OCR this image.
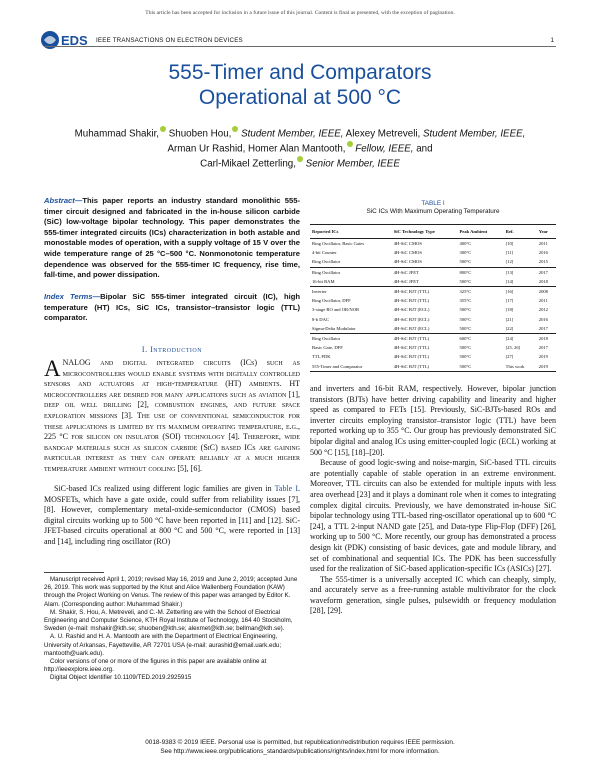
This article has been accepted for inclusion in a future issue of this journal. Content is final as presented, with the exception of pagination.
EDS IEEE TRANSACTIONS ON ELECTRON DEVICES	1
555-Timer and Comparators
Operational at 500 °C
Muhammad Shakir, Shuoben Hou, Student Member, IEEE, Alexey Metreveli, Student Member, IEEE,
Arman Ur Rashid, Homer Alan Mantooth, Fellow, IEEE, and
Carl-Mikael Zetterling, Senior Member, IEEE
Abstract—This paper reports an industry standard monolithic 555-timer circuit designed and fabricated in the in-house silicon carbide (SiC) low-voltage bipolar technology. This paper demonstrates the 555-timer integrated circuits (ICs) characterization in both astable and monostable modes of operation, with a supply voltage of 15 V over the wide temperature range of 25 °C–500 °C. Nonmonotonic temperature dependence was observed for the 555-timer IC frequency, rise time, fall-time, and power dissipation.
Index Terms—Bipolar SiC 555-timer integrated circuit (IC), high temperature (HT) ICs, SiC ICs, transistor–transistor logic (TTL) comparator.
I. Introduction
ANALOG and digital integrated circuits (ICs) such as microcontrollers would enable systems with digitally controlled sensors and actuators at high-temperature (HT) ambients. HT microcontrollers are desired for many applications such as aviation [1], deep oil well drilling [2], combustion engines, and future space exploration missions [3]. The use of conventional semiconductor for these applications is limited by its maximum operating temperature, e.g., 225 °C for silicon on insulator (SOI) technology [4]. Therefore, wide bandgap materials such as silicon carbide (SiC) based ICs are gaining particular interest as they can operate reliably at a much higher temperature ambient without cooling [5], [6].
SiC-based ICs realized using different logic families are given in Table I. MOSFETs, which have a gate oxide, could suffer from reliability issues [7], [8]. However, complementary metal-oxide-semiconductor (CMOS) based digital circuits working up to 500 °C have been reported in [11] and [12]. SiC-JFET-based circuits operational at 800 °C and 500 °C, were reported in [13] and [14], including ring oscillator (RO)

Manuscript received April 1, 2019; revised May 16, 2019 and June 2, 2019; accepted June 26, 2019. This work was supported by the Knut and Alice Wallenberg Foundation (KAW) through the Project Working on Venus. The review of this paper was arranged by Editor K. Alam. (Corresponding author: Muhammad Shakir.)

M. Shakir, S. Hou, A. Metreveli, and C.-M. Zetterling are with the School of Electrical Engineering and Computer Science, KTH Royal Institute of Technology, 164 40 Stockholm, Sweden (e-mail: mshakir@kth.se; shuoben@kth.se; alexmet@kth.se; bellman@kth.se).

A. U. Rashid and H. A. Mantooth are with the Department of Electrical Engineering, University of Arkansas, Fayetteville, AR 72701 USA (e-mail: aurashid@email.uark.edu; mantooth@uark.edu).

Color versions of one or more of the figures in this paper are available online at http://ieeexplore.ieee.org.

Digital Object Identifier 10.1109/TED.2019.2925915

TABLE I
SiC ICs With Maximum Operating Temperature
Reported ICs	SiC Technology Type	Peak Ambient	Ref.	Year
Ring Oscillator, Basic Gates	4H-SiC CMOS	400°C	[10]	2011
4-bit Counter	4H-SiC CMOS	300°C	[11]	2016
Ring Oscillator	4H-SiC CMOS	500°C	[12]	2015
Ring Oscillator	4H-SiC JFET	800°C	[13]	2017
16-bit RAM	4H-SiC JFET	500°C	[14]	2018
Inverter	4H-SiC BJT (TTL)	325°C	[16]	2008
Ring Oscillator, DFF	4H-SiC BJT (TTL)	355°C	[17]	2011
3-stage RO and OR/NOR	4H-SiC BJT (ECL)	500°C	[18]	2012
8-b DAC	4H-SiC BJT (ECL)	500°C	[21]	2016
Sigma-Delta Modulator	4H-SiC BJT (ECL)	500°C	[22]	2017
Ring Oscillator	4H-SiC BJT (TTL)	600°C	[24]	2018
Basic Gate, DFF	4H-SiC BJT (TTL)	500°C	[25, 26]	2017
TTL PDK	4H-SiC BJT (TTL)	500°C	[27]	2019
555-Timer and Comparator	4H-SiC BJT (TTL)	500°C	This work	2019
and inverters and 16-bit RAM, respectively. However, bipolar junction transistors (BJTs) have better driving capability and linearity and higher speed as compared to FETs [15]. Previously, SiC-BJTs-based ROs and inverter circuits employing transistor–transistor logic (TTL) have been reported working up to 355 °C. Our group has previously demonstrated SiC bipolar digital and analog ICs using emitter-coupled logic (ECL) working at 500 °C [15], [18]–[20].
Because of good logic-swing and noise-margin, SiC-based TTL circuits are potentially capable of stable operation in an extreme environment. Moreover, TTL circuits can also be extended for multiple inputs with less area overhead [23] and it plays a dominant role when it comes to integrating complex digital circuits. Previously, we have demonstrated in-house SiC bipolar technology using TTL-based ring-oscillator operational up to 600 °C [24], a TTL 2-input NAND gate [25], and Data-type Flip-Flop (DFF) [26], working up to 500 °C. More recently, our group has demonstrated a process design kit (PDK) consisting of basic devices, gate and module library, and set of combinational and sequential ICs. The PDK has been successfully used for the realization of SiC-based application-specific ICs (ASICs) [27].
The 555-timer is a universally accepted IC which can cheaply, simply, and accurately serve as a free-running astable multivibrator for the clock waveform generation, single pulses, pulsewidth or frequency modulation [28], [29].
0018-9383 © 2019 IEEE. Personal use is permitted, but republication/redistribution requires IEEE permission.
See http://www.ieee.org/publications_standards/publications/rights/index.html for more information.
